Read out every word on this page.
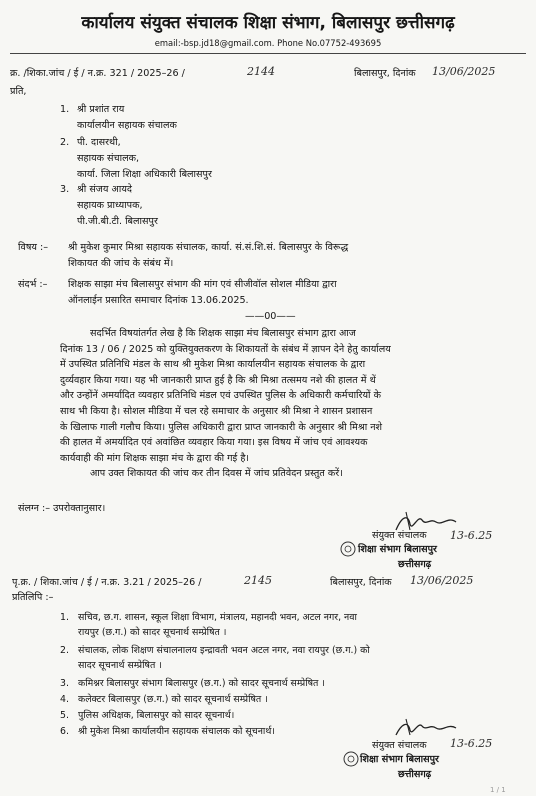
कार्यालय संयुक्त संचालक शिक्षा संभाग, बिलासपुर छत्तीसगढ़
email:-bsp.jd18@gmail.com. Phone No.07752-493695
क्र. /शिका.जांच / ई / न.क्र. 321 / 2025–26 /	2144	बिलासपुर, दिनांक 13/06/2025
प्रति,
1. श्री प्रशांत राय
कार्यालयीन सहायक संचालक
2. पी. दासरथी,
सहायक संचालक,
कार्या. जिला शिक्षा अधिकारी बिलासपुर
3. श्री संजय आयदे
सहायक प्राध्यापक,
पी.जी.बी.टी. बिलासपुर
विषय :– श्री मुकेश कुमार मिश्रा सहायक संचालक, कार्या. सं.सं.शि.सं. बिलासपुर के विरूद्ध
शिकायत की जांच के संबंध में।
संदर्भ :– शिक्षक साझा मंच बिलासपुर संभाग की मांग एवं सीजीवॉल सोशल मीडिया द्वारा
ऑनलाईन प्रसारित समाचार दिनांक 13.06.2025.
——00——
सदर्भित विषयांतर्गत लेख है कि शिक्षक साझा मंच बिलासपुर संभाग द्वारा आज
दिनांक 13 / 06 / 2025 को युक्तियुक्तकरण के शिकायतों के संबंध में ज्ञापन देने हेतु कार्यालय
में उपस्थित प्रतिनिधि मंडल के साथ श्री मुकेश मिश्रा कार्यालयीन सहायक संचालक के द्वारा
दुर्व्यवहार किया गया। यह भी जानकारी प्राप्त हुई है कि श्री मिश्रा तत्समय नशे की हालत में थें
और उन्होंनें अमर्यादित व्यवहार प्रतिनिधि मंडल एवं उपस्थित पुलिस के अधिकारी कर्मचारियों के
साथ भी किया है। सोशल मीडिया में चल रहे समाचार के अनुसार श्री मिश्रा ने शासन प्रशासन
के खिलाफ गाली गलौच किया। पुलिस अधिकारी द्वारा प्राप्त जानकारी के अनुसार श्री मिश्रा नशे
की हालत में अमर्यादित एवं अवांछित व्यवहार किया गया। इस विषय में जांच एवं आवश्यक
कार्यवाही की मांग शिक्षक साझा मंच के द्वारा की गई है।
आप उक्त शिकायत की जांच कर तीन दिवस में जांच प्रतिवेदन प्रस्तुत करें।
संलग्न :– उपरोक्तानुसार।
संयुक्त संचालक 13-6.25
शिक्षा संभाग बिलासपुर
छत्तीसगढ़
पृ.क्र. / शिका.जांच / ई / न.क्र. 3.21 / 2025–26 /	2145	बिलासपुर, दिनांक 13/06/2025
प्रतिलिपि :–
1. सचिव, छ.ग. शासन, स्कूल शिक्षा विभाग, मंत्रालय, महानदी भवन, अटल नगर, नवा
रायपुर (छ.ग.) को सादर सूचनार्थ सम्प्रेषित ।
2. संचालक, लोक शिक्षण संचालनालय इन्द्रावती भवन अटल नगर, नवा रायपुर (छ.ग.) को
सादर सूचनार्थ सम्प्रेषित ।
3. कमिश्नर बिलासपुर संभाग बिलासपुर (छ.ग.) को सादर सूचनार्थ सम्प्रेषित ।
4. कलेक्टर बिलासपुर (छ.ग.) को सादर सूचनार्थ सम्प्रेषित ।
5. पुलिस अधिक्षक, बिलासपुर को सादर सूचनार्थ।
6. श्री मुकेश मिश्रा कार्यालयीन सहायक संचालक को सूचनार्थ।
संयुक्त संचालक 13-6.25
शिक्षा संभाग बिलासपुर
छत्तीसगढ़
1 / 1
